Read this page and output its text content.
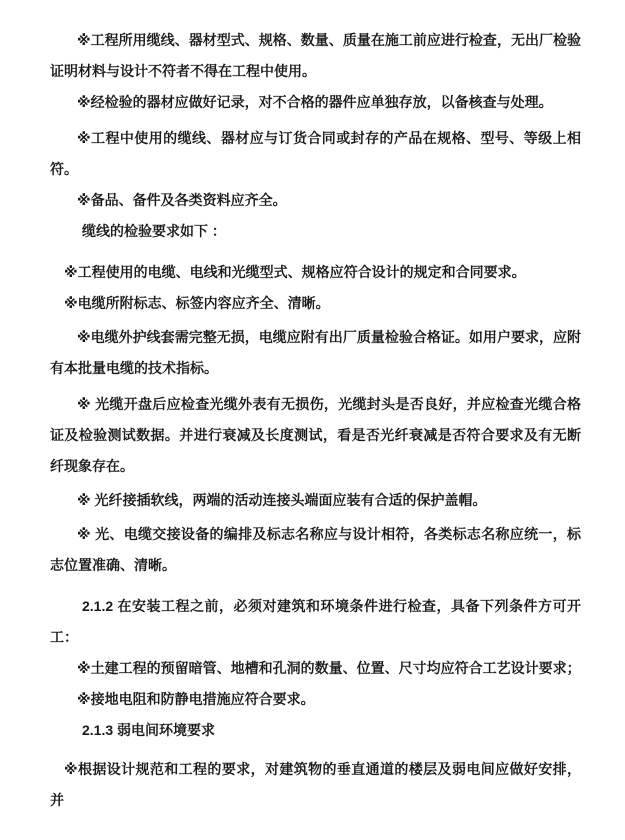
※工程所用缆线、器材型式、规格、数量、质量在施工前应进行检查，无出厂检验证明材料与设计不符者不得在工程中使用。

※经检验的器材应做好记录，对不合格的器件应单独存放，以备核查与处理。

※工程中使用的缆线、器材应与订货合同或封存的产品在规格、型号、等级上相符。

※备品、备件及各类资料应齐全。

缆线的检验要求如下 ：

※工程使用的电缆、电线和光缆型式、规格应符合设计的规定和合同要求。

※电缆所附标志、标签内容应齐全、清晰。

※电缆外护线套需完整无损，电缆应附有出厂质量检验合格证。如用户要求，应附有本批量电缆的技术指标。

※ 光缆开盘后应检查光缆外表有无损伤，光缆封头是否良好，并应检查光缆合格证及检验测试数据。并进行衰减及长度测试，看是否光纤衰减是否符合要求及有无断纤现象存在。

※ 光纤接插软线，两端的活动连接头端面应装有合适的保护盖帽。

※ 光、电缆交接设备的编排及标志名称应与设计相符，各类标志名称应统一，标志位置准确、清晰。

2.1.2 在安装工程之前，必须对建筑和环境条件进行检查，具备下列条件方可开工：

※土建工程的预留暗管、地槽和孔洞的数量、位置、尺寸均应符合工艺设计要求；

※接地电阻和防静电措施应符合要求。

2.1.3 弱电间环境要求

※根据设计规范和工程的要求，对建筑物的垂直通道的楼层及弱电间应做好安排，并
